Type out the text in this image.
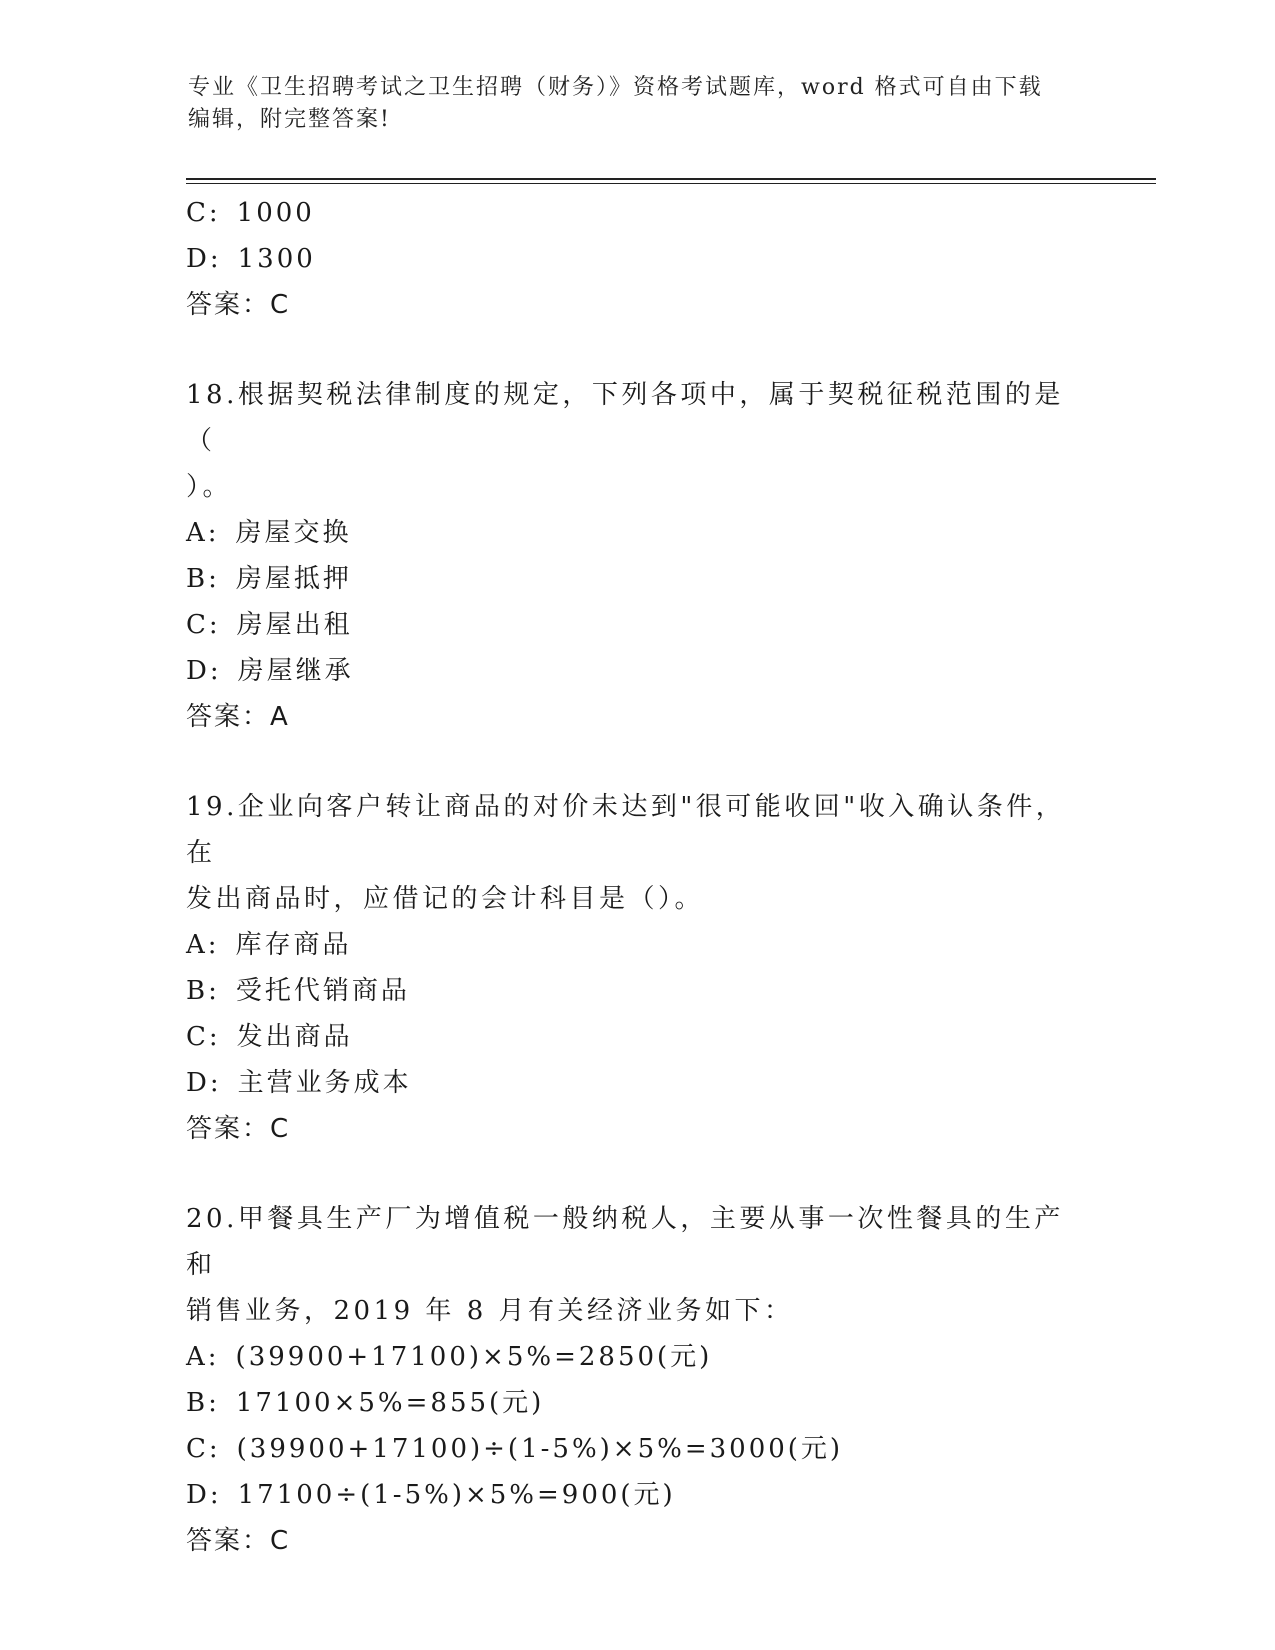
专业《卫生招聘考试之卫生招聘（财务）》资格考试题库，word 格式可自由下载
编辑，附完整答案!
C: 1000
D: 1300
答案：C
18.根据契税法律制度的规定，下列各项中，属于契税征税范围的是（
）。
A: 房屋交换
B: 房屋抵押
C: 房屋出租
D: 房屋继承
答案：A
19.企业向客户转让商品的对价未达到"很可能收回"收入确认条件，在
发出商品时，应借记的会计科目是（）。
A: 库存商品
B: 受托代销商品
C: 发出商品
D: 主营业务成本
答案：C
20.甲餐具生产厂为增值税一般纳税人，主要从事一次性餐具的生产和
销售业务，2019 年 8 月有关经济业务如下：
A: (39900+17100)×5%=2850(元)
B: 17100×5%=855(元)
C: (39900+17100)÷(1-5%)×5%=3000(元)
D: 17100÷(1-5%)×5%=900(元)
答案：C
